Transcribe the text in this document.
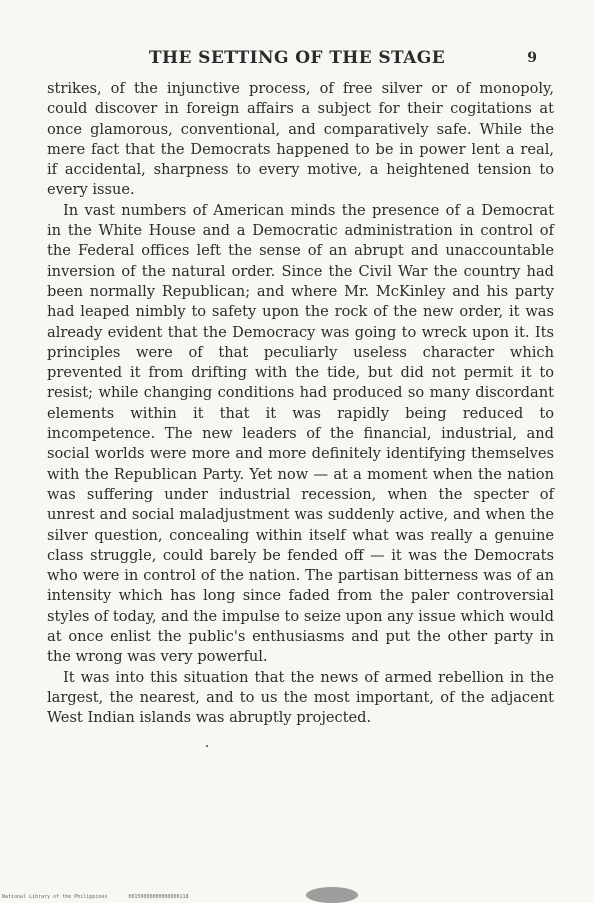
THE SETTING OF THE STAGE	9

strikes, of the injunctive process, of free silver or of monopoly, could discover in foreign affairs a subject for their cogitations at once glamorous, conventional, and comparatively safe. While the mere fact that the Democrats happened to be in power lent a real, if accidental, sharpness to every motive, a heightened tension to every issue.

In vast numbers of American minds the presence of a Democrat in the White House and a Democratic administration in control of the Federal offices left the sense of an abrupt and unaccountable inversion of the natural order. Since the Civil War the country had been normally Republican; and where Mr. McKinley and his party had leaped nimbly to safety upon the rock of the new order, it was already evident that the Democracy was going to wreck upon it. Its principles were of that peculiarly useless character which prevented it from drifting with the tide, but did not permit it to resist; while changing conditions had produced so many discordant elements within it that it was rapidly being reduced to incompetence. The new leaders of the financial, industrial, and social worlds were more and more definitely identifying themselves with the Republican Party. Yet now — at a moment when the nation was suffering under industrial recession, when the specter of unrest and social maladjustment was suddenly active, and when the silver question, concealing within itself what was really a genuine class struggle, could barely be fended off — it was the Democrats who were in control of the nation. The partisan bitterness was of an intensity which has long since faded from the paler controversial styles of today, and the impulse to seize upon any issue which would at once enlist the public's enthusiasms and put the other party in the wrong was very powerful.

It was into this situation that the news of armed rebellion in the largest, the nearest, and to us the most important, of the adjacent West Indian islands was abruptly projected.

National Library of the Philippines	00150000000000000118
